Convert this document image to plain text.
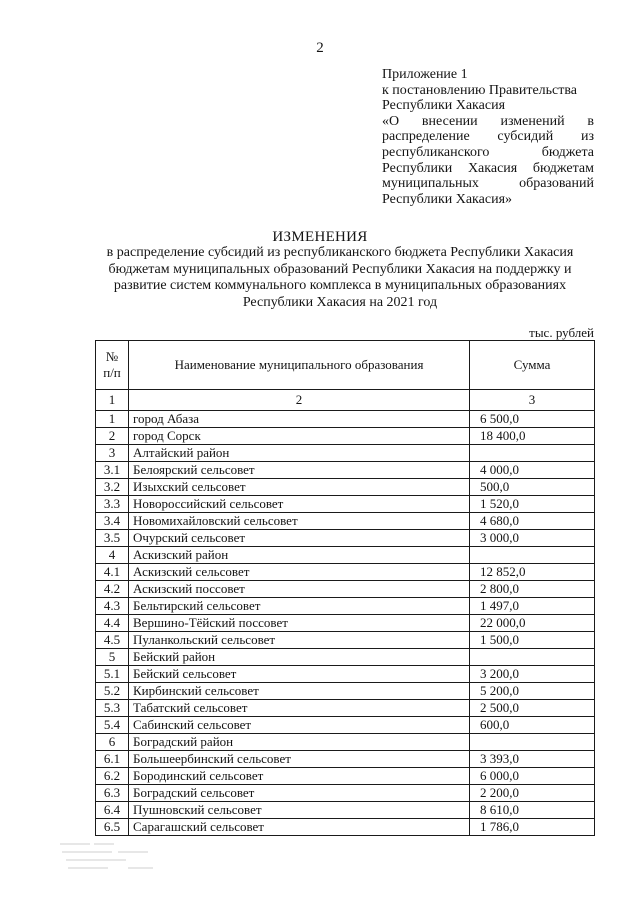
2
Приложение 1
к постановлению Правительства
Республики Хакасия
«О внесении изменений в
распределение субсидий из
республиканского бюджета
Республики Хакасия бюджетам
муниципальных образований
Республики Хакасия»
ИЗМЕНЕНИЯ
в распределение субсидий из республиканского бюджета Республики Хакасия
бюджетам муниципальных образований Республики Хакасия на поддержку и
развитие систем коммунального комплекса в муниципальных образованиях
Республики Хакасия на 2021 год
тыс. рублей
№ п/п	Наименование муниципального образования	Сумма
1	2	3
1	город Абаза	6 500,0
2	город Сорск	18 400,0
3	Алтайский район	
3.1	Белоярский сельсовет	4 000,0
3.2	Изыхский сельсовет	500,0
3.3	Новороссийский сельсовет	1 520,0
3.4	Новомихайловский сельсовет	4 680,0
3.5	Очурский сельсовет	3 000,0
4	Аскизский район	
4.1	Аскизский сельсовет	12 852,0
4.2	Аскизский поссовет	2 800,0
4.3	Бельтирский сельсовет	1 497,0
4.4	Вершино-Тёйский поссовет	22 000,0
4.5	Пуланкольский сельсовет	1 500,0
5	Бейский район	
5.1	Бейский сельсовет	3 200,0
5.2	Кирбинский сельсовет	5 200,0
5.3	Табатский сельсовет	2 500,0
5.4	Сабинский сельсовет	600,0
6	Боградский район	
6.1	Большеербинский сельсовет	3 393,0
6.2	Бородинский сельсовет	6 000,0
6.3	Боградский сельсовет	2 200,0
6.4	Пушновский сельсовет	8 610,0
6.5	Сарагашский сельсовет	1 786,0
